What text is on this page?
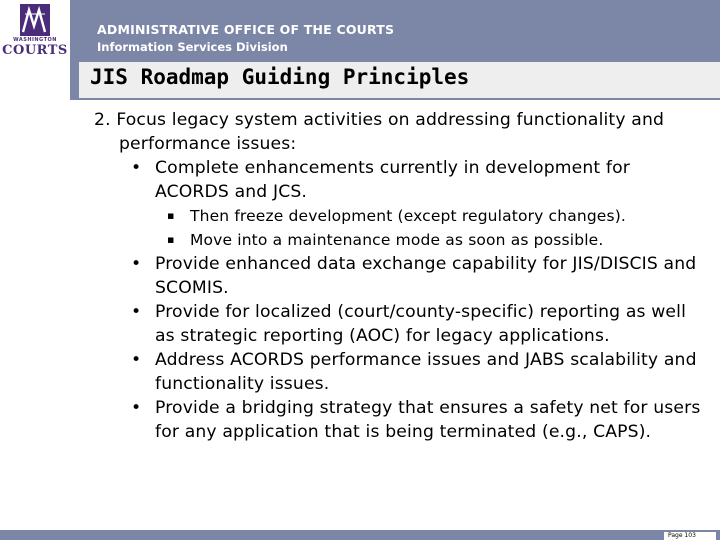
WASHINGTON
COURTS
ADMINISTRATIVE OFFICE OF THE COURTS
Information Services Division
JIS Roadmap Guiding Principles

2. Focus legacy system activities on addressing functionality and performance issues:

• Complete enhancements currently in development for ACORDS and JCS.

▪ Then freeze development (except regulatory changes).

▪ Move into a maintenance mode as soon as possible.

• Provide enhanced data exchange capability for JIS/DISCIS and SCOMIS.

• Provide for localized (court/county-specific) reporting as well as strategic reporting (AOC) for legacy applications.

• Address ACORDS performance issues and JABS scalability and functionality issues.

• Provide a bridging strategy that ensures a safety net for users for any application that is being terminated (e.g., CAPS).

Page 103
